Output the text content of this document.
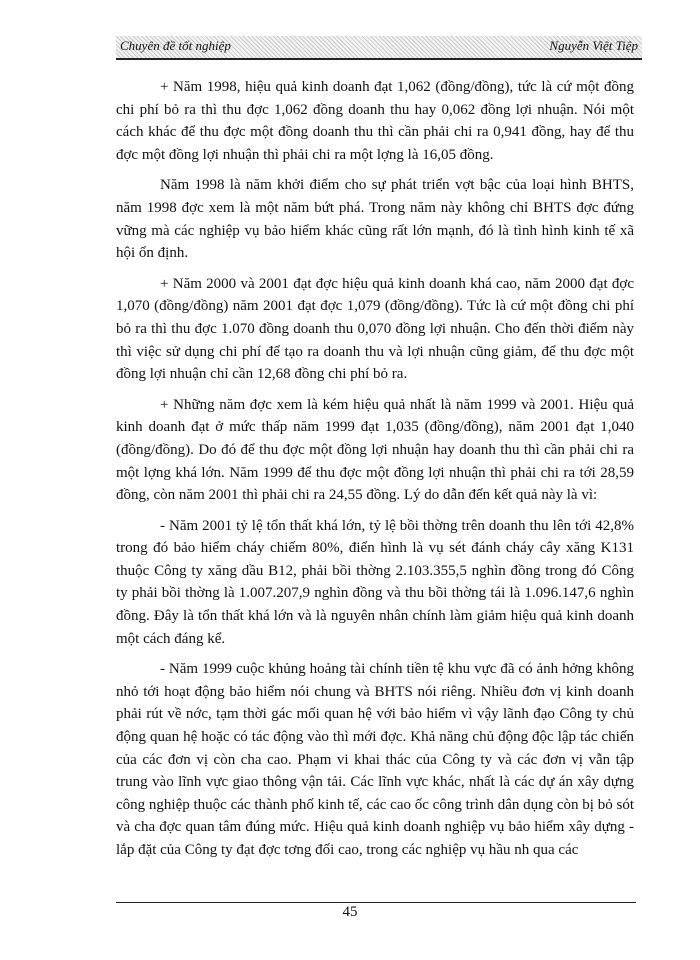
Chuyên đề tốt nghiệp	Nguyễn Việt Tiệp

+ Năm 1998, hiệu quả kinh doanh đạt 1,062 (đồng/đồng), tức là cứ một đồng chi phí bỏ ra thì thu đợc 1,062 đồng doanh thu hay 0,062 đồng lợi nhuận. Nói một cách khác để thu đợc một đồng doanh thu thì cần phải chi ra 0,941 đồng, hay để thu đợc một đồng lợi nhuận thì phải chi ra một lợng là 16,05 đồng.

Năm 1998 là năm khởi điểm cho sự phát triển vợt bậc của loại hình BHTS, năm 1998 đợc xem là một năm bứt phá. Trong năm này không chỉ BHTS đợc đứng vững mà các nghiệp vụ bảo hiểm khác cũng rất lớn mạnh, đó là tình hình kinh tế xã hội ổn định.

+ Năm 2000 và 2001 đạt đợc hiệu quả kinh doanh khá cao, năm 2000 đạt đợc 1,070 (đồng/đồng) năm 2001 đạt đợc 1,079 (đồng/đồng). Tức là cứ một đồng chi phí bỏ ra thì thu đợc 1.070 đồng doanh thu 0,070 đồng lợi nhuận. Cho đến thời điểm này thì việc sử dụng chi phí để tạo ra doanh thu và lợi nhuận cũng giảm, để thu đợc một đồng lợi nhuận chỉ cần 12,68 đồng chi phí bỏ ra.

+ Những năm đợc xem là kém hiệu quả nhất là năm 1999 và 2001. Hiệu quả kinh doanh đạt ở mức thấp năm 1999 đạt 1,035 (đồng/đồng), năm 2001 đạt 1,040 (đồng/đồng). Do đó để thu đợc một đồng lợi nhuận hay doanh thu thì cần phải chi ra một lợng khá lớn. Năm 1999 để thu đợc một đồng lợi nhuận thì phải chi ra tới 28,59 đồng, còn năm 2001 thì phải chi ra 24,55 đồng. Lý do dẫn đến kết quả này là vì:

- Năm 2001 tỷ lệ tổn thất khá lớn, tỷ lệ bồi thờng trên doanh thu lên tới 42,8% trong đó bảo hiểm cháy chiếm 80%, điển hình là vụ sét đánh cháy cây xăng K131 thuộc Công ty xăng dầu B12, phải bồi thờng 2.103.355,5 nghìn đồng trong đó Công ty phải bồi thờng là 1.007.207,9 nghìn đồng và thu bồi thờng tái là 1.096.147,6 nghìn đồng. Đây là tổn thất khá lớn và là nguyên nhân chính làm giảm hiệu quả kinh doanh một cách đáng kể.

- Năm 1999 cuộc khủng hoảng tài chính tiền tệ khu vực đã có ảnh hởng không nhỏ tới hoạt động bảo hiểm nói chung và BHTS nói riêng. Nhiều đơn vị kinh doanh phải rút về nớc, tạm thời gác mối quan hệ với bảo hiểm vì vậy lãnh đạo Công ty chủ động quan hệ hoặc có tác động vào thì mới đợc. Khả năng chủ động độc lập tác chiến của các đơn vị còn cha cao. Phạm vi khai thác của Công ty và các đơn vị vẫn tập trung vào lĩnh vực giao thông vận tải. Các lĩnh vực khác, nhất là các dự án xây dựng công nghiệp thuộc các thành phố kinh tế, các cao ốc công trình dân dụng còn bị bỏ sót và cha đợc quan tâm đúng mức. Hiệu quả kinh doanh nghiệp vụ bảo hiểm xây dựng - lắp đặt của Công ty đạt đợc tơng đối cao, trong các nghiệp vụ hầu nh qua các

45
